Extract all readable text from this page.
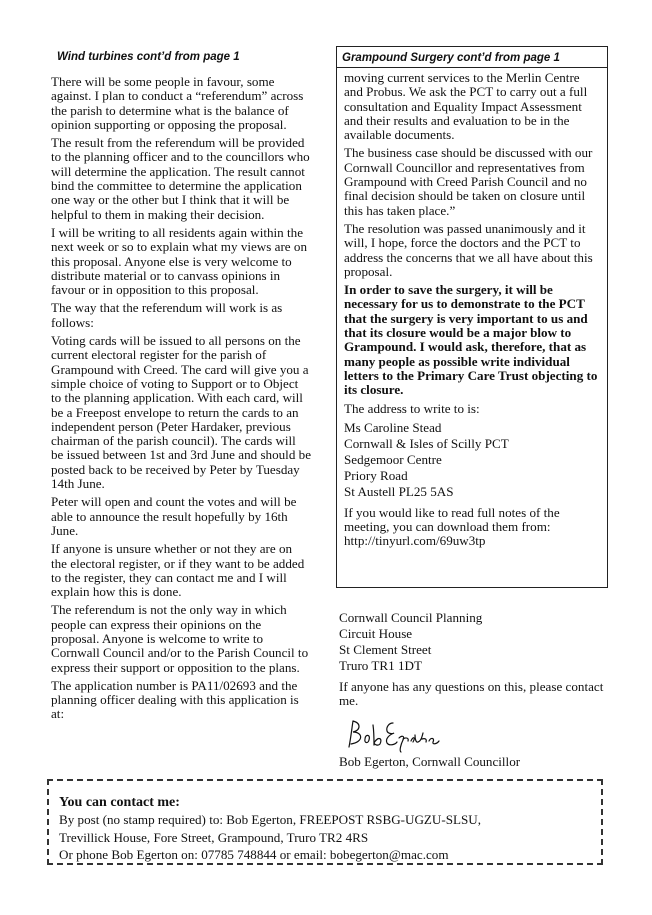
Wind turbines cont’d from page 1
There will be some people in favour, some against. I plan to conduct a “referendum” across the parish to determine what is the balance of opinion supporting or opposing the proposal.
The result from the referendum will be provided to the planning officer and to the councillors who will determine the application. The result cannot bind the committee to determine the application one way or the other but I think that it will be helpful to them in making their decision.
I will be writing to all residents again within the next week or so to explain what my views are on this proposal. Anyone else is very welcome to distribute material or to canvass opinions in favour or in opposition to this proposal.
The way that the referendum will work is as follows:
Voting cards will be issued to all persons on the current electoral register for the parish of Grampound with Creed. The card will give you a simple choice of voting to Support or to Object to the planning application. With each card, will be a Freepost envelope to return the cards to an independent person (Peter Hardaker, previous chairman of the parish council). The cards will be issued between 1st and 3rd June and should be posted back to be received by Peter by Tuesday 14th June.
Peter will open and count the votes and will be able to announce the result hopefully by 16th June.
If anyone is unsure whether or not they are on the electoral register, or if they want to be added to the register, they can contact me and I will explain how this is done.
The referendum is not the only way in which people can express their opinions on the proposal. Anyone is welcome to write to Cornwall Council and/or to the Parish Council to express their support or opposition to the plans.
The application number is PA11/02693 and the planning officer dealing with this application is at:
Grampound Surgery cont’d from page 1
moving current services to the Merlin Centre and Probus. We ask the PCT to carry out a full consultation and Equality Impact Assessment and their results and evaluation to be in the available documents.
The business case should be discussed with our Cornwall Councillor and representatives from Grampound with Creed Parish Council and no final decision should be taken on closure until this has taken place.”
The resolution was passed unanimously and it will, I hope, force the doctors and the PCT to address the concerns that we all have about this proposal.
In order to save the surgery, it will be necessary for us to demonstrate to the PCT that the surgery is very important to us and that its closure would be a major blow to Grampound. I would ask, therefore, that as many people as possible write individual letters to the Primary Care Trust objecting to its closure.
The address to write to is:
Ms Caroline Stead
Cornwall & Isles of Scilly PCT
Sedgemoor Centre
Priory Road
St Austell PL25 5AS
If you would like to read full notes of the meeting, you can download them from: http://tinyurl.com/69uw3tp
Cornwall Council Planning
Circuit House
St Clement Street
Truro TR1 1DT
If anyone has any questions on this, please contact me.
Bob Egerton, Cornwall Councillor
You can contact me:
By post (no stamp required) to: Bob Egerton, FREEPOST RSBG-UGZU-SLSU,
Trevillick House, Fore Street, Grampound, Truro TR2 4RS
Or phone Bob Egerton on: 07785 748844 or email: bobegerton@mac.com
